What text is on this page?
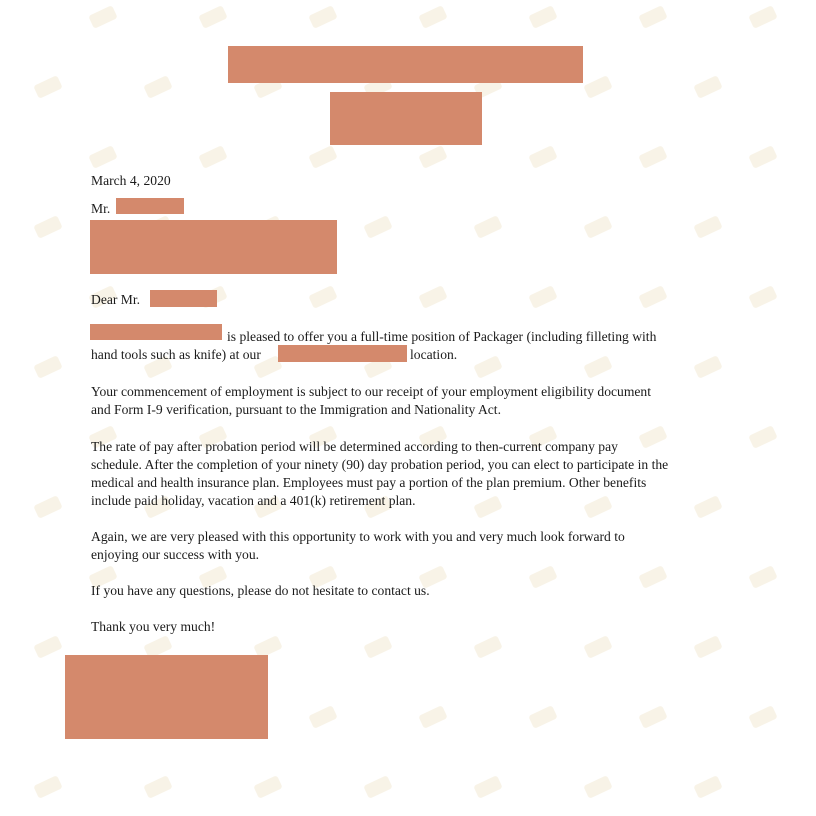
March 4, 2020

Mr.

Dear Mr.

is pleased to offer you a full-time position of Packager (including filleting with

hand tools such as knife) at our	location.

Your commencement of employment is subject to our receipt of your employment eligibility document

and Form I-9 verification, pursuant to the Immigration and Nationality Act.

The rate of pay after probation period will be determined according to then-current company pay

schedule. After the completion of your ninety (90) day probation period, you can elect to participate in the

medical and health insurance plan. Employees must pay a portion of the plan premium. Other benefits

include paid holiday, vacation and a 401(k) retirement plan.

Again, we are very pleased with this opportunity to work with you and very much look forward to

enjoying our success with you.

If you have any questions, please do not hesitate to contact us.

Thank you very much!
